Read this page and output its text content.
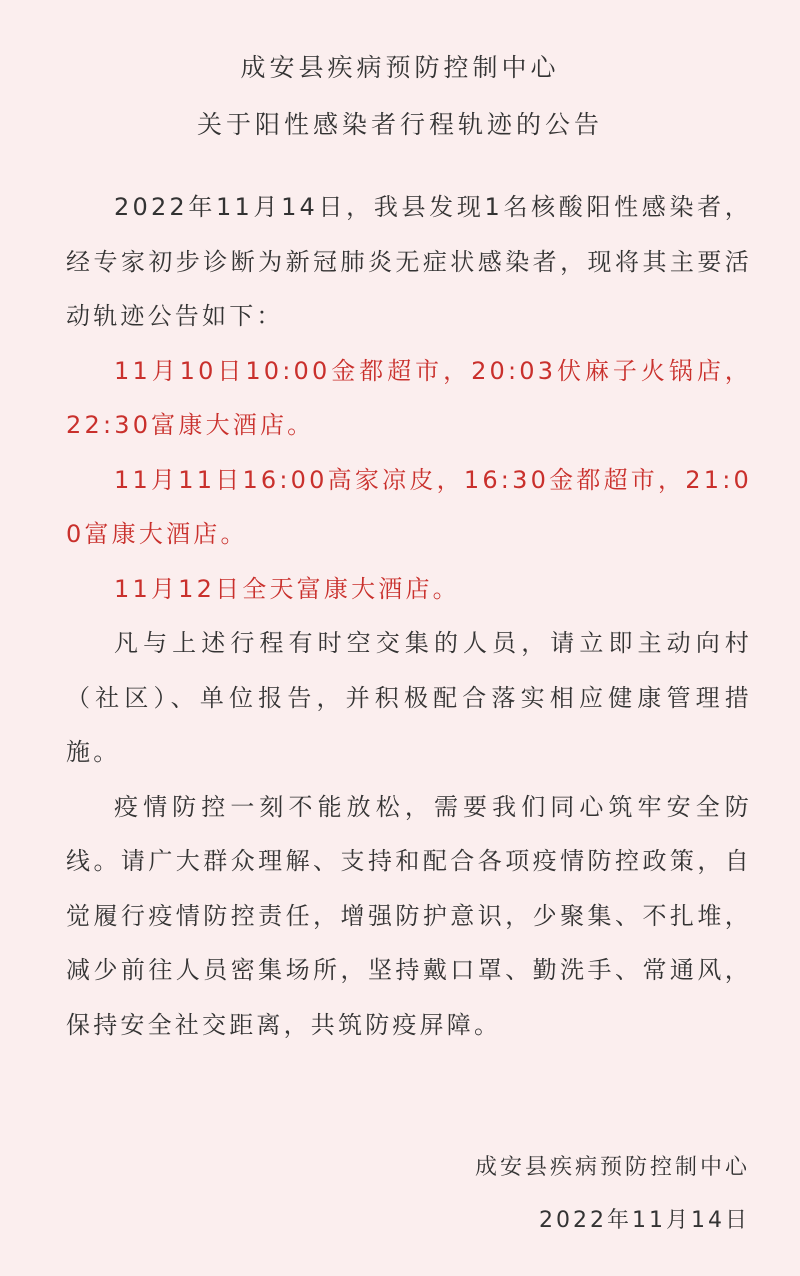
成安县疾病预防控制中心
关于阳性感染者行程轨迹的公告

2022年11月14日，我县发现1名核酸阳性感染者，经专家初步诊断为新冠肺炎无症状感染者，现将其主要活动轨迹公告如下：

11月10日10:00金都超市，20:03伏麻子火锅店，22:30富康大酒店。

11月11日16:00高家凉皮，16:30金都超市，21:00富康大酒店。

11月12日全天富康大酒店。

凡与上述行程有时空交集的人员，请立即主动向村（社区）、单位报告，并积极配合落实相应健康管理措施。

疫情防控一刻不能放松，需要我们同心筑牢安全防线。请广大群众理解、支持和配合各项疫情防控政策，自觉履行疫情防控责任，增强防护意识，少聚集、不扎堆，减少前往人员密集场所，坚持戴口罩、勤洗手、常通风，保持安全社交距离，共筑防疫屏障。

成安县疾病预防控制中心
2022年11月14日
